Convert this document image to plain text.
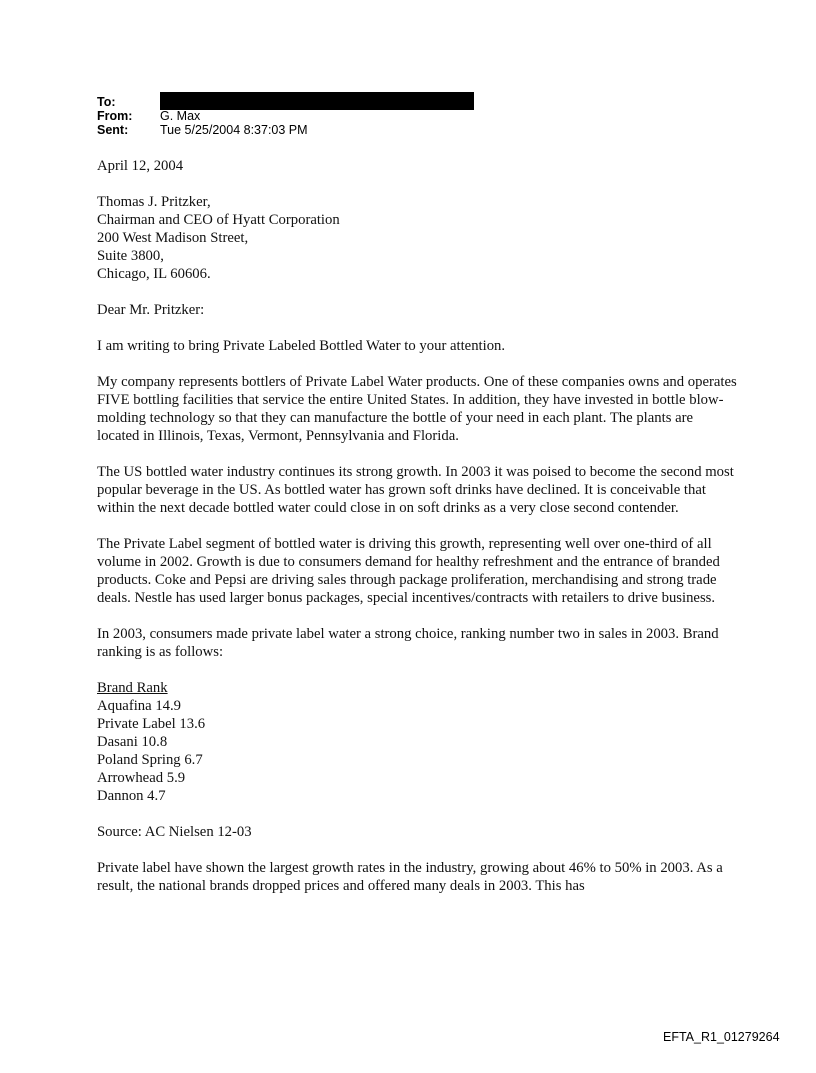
To:
From:	G. Max
Sent:	Tue 5/25/2004 8:37:03 PM

April 12, 2004

Thomas J. Pritzker,
Chairman and CEO of Hyatt Corporation
200 West Madison Street,
Suite 3800,
Chicago, IL 60606.

Dear Mr. Pritzker:

I am writing to bring Private Labeled Bottled Water to your attention.

My company represents bottlers of Private Label Water products. One of these companies owns and operates FIVE bottling facilities that service the entire United States. In addition, they have invested in bottle blow-molding technology so that they can manufacture the bottle of your need in each plant. The plants are located in Illinois, Texas, Vermont, Pennsylvania and Florida.

The US bottled water industry continues its strong growth. In 2003 it was poised to become the second most popular beverage in the US. As bottled water has grown soft drinks have declined. It is conceivable that within the next decade bottled water could close in on soft drinks as a very close second contender.

The Private Label segment of bottled water is driving this growth, representing well over one-third of all volume in 2002. Growth is due to consumers demand for healthy refreshment and the entrance of branded products. Coke and Pepsi are driving sales through package proliferation, merchandising and strong trade deals. Nestle has used larger bonus packages, special incentives/contracts with retailers to drive business.

In 2003, consumers made private label water a strong choice, ranking number two in sales in 2003. Brand ranking is as follows:

Brand Rank
Aquafina 14.9
Private Label 13.6
Dasani 10.8
Poland Spring 6.7
Arrowhead 5.9
Dannon 4.7

Source: AC Nielsen 12-03

Private label have shown the largest growth rates in the industry, growing about 46% to 50% in 2003. As a result, the national brands dropped prices and offered many deals in 2003. This has

EFTA_R1_01279264
